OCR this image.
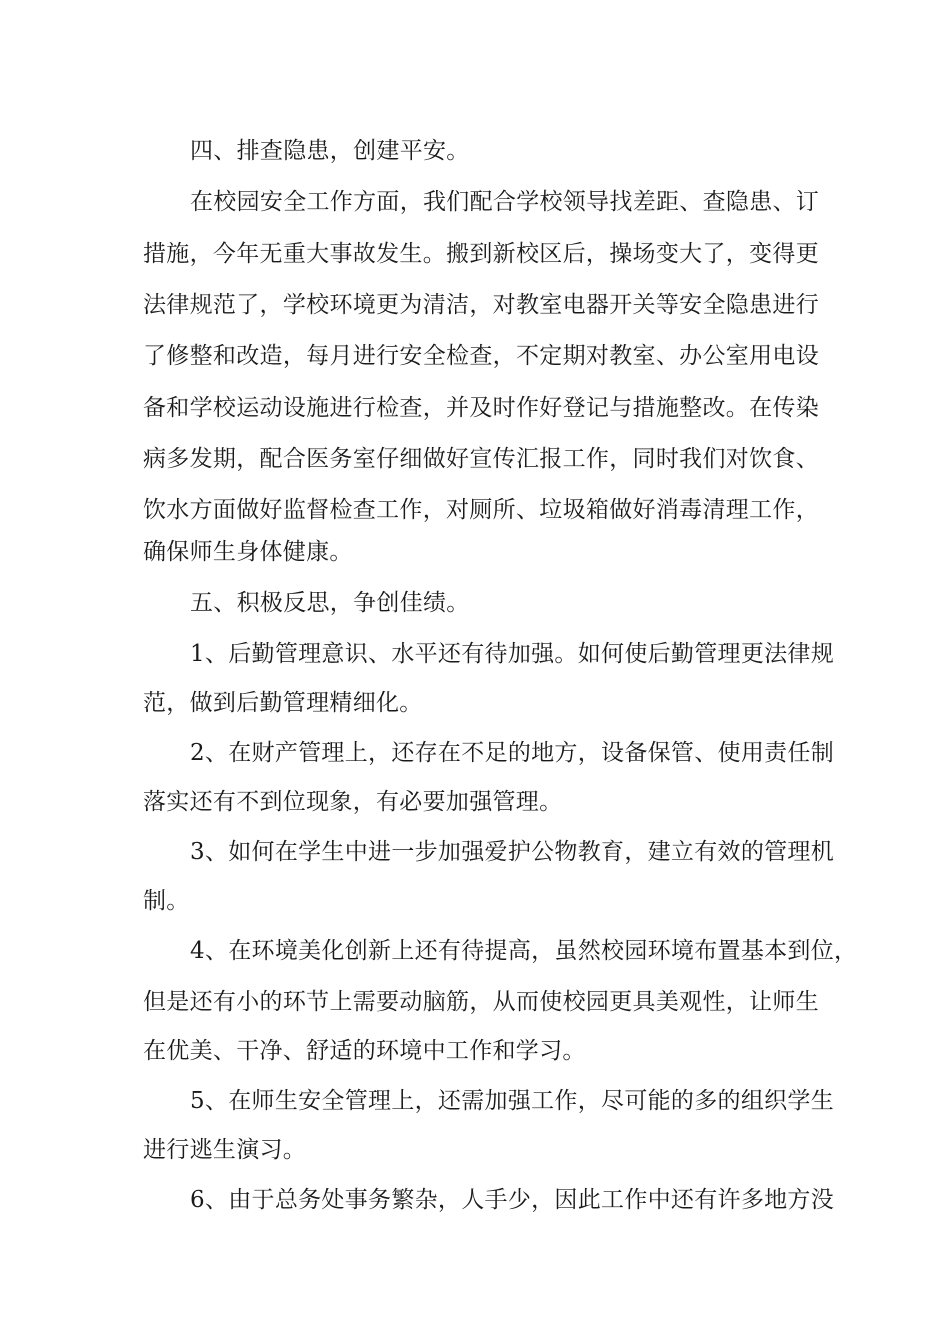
四、排查隐患，创建平安。
在校园安全工作方面，我们配合学校领导找差距、查隐患、订
措施，今年无重大事故发生。搬到新校区后，操场变大了，变得更
法律规范了，学校环境更为清洁，对教室电器开关等安全隐患进行
了修整和改造，每月进行安全检查，不定期对教室、办公室用电设
备和学校运动设施进行检查，并及时作好登记与措施整改。在传染
病多发期，配合医务室仔细做好宣传汇报工作，同时我们对饮食、
饮水方面做好监督检查工作，对厕所、垃圾箱做好消毒清理工作，
确保师生身体健康。
五、积极反思，争创佳绩。
1、后勤管理意识、水平还有待加强。如何使后勤管理更法律规
范，做到后勤管理精细化。
2、在财产管理上，还存在不足的地方，设备保管、使用责任制
落实还有不到位现象，有必要加强管理。
3、如何在学生中进一步加强爱护公物教育，建立有效的管理机
制。
4、在环境美化创新上还有待提高，虽然校园环境布置基本到位，
但是还有小的环节上需要动脑筋，从而使校园更具美观性，让师生
在优美、干净、舒适的环境中工作和学习。
5、在师生安全管理上，还需加强工作，尽可能的多的组织学生
进行逃生演习。
6、由于总务处事务繁杂，人手少，因此工作中还有许多地方没
